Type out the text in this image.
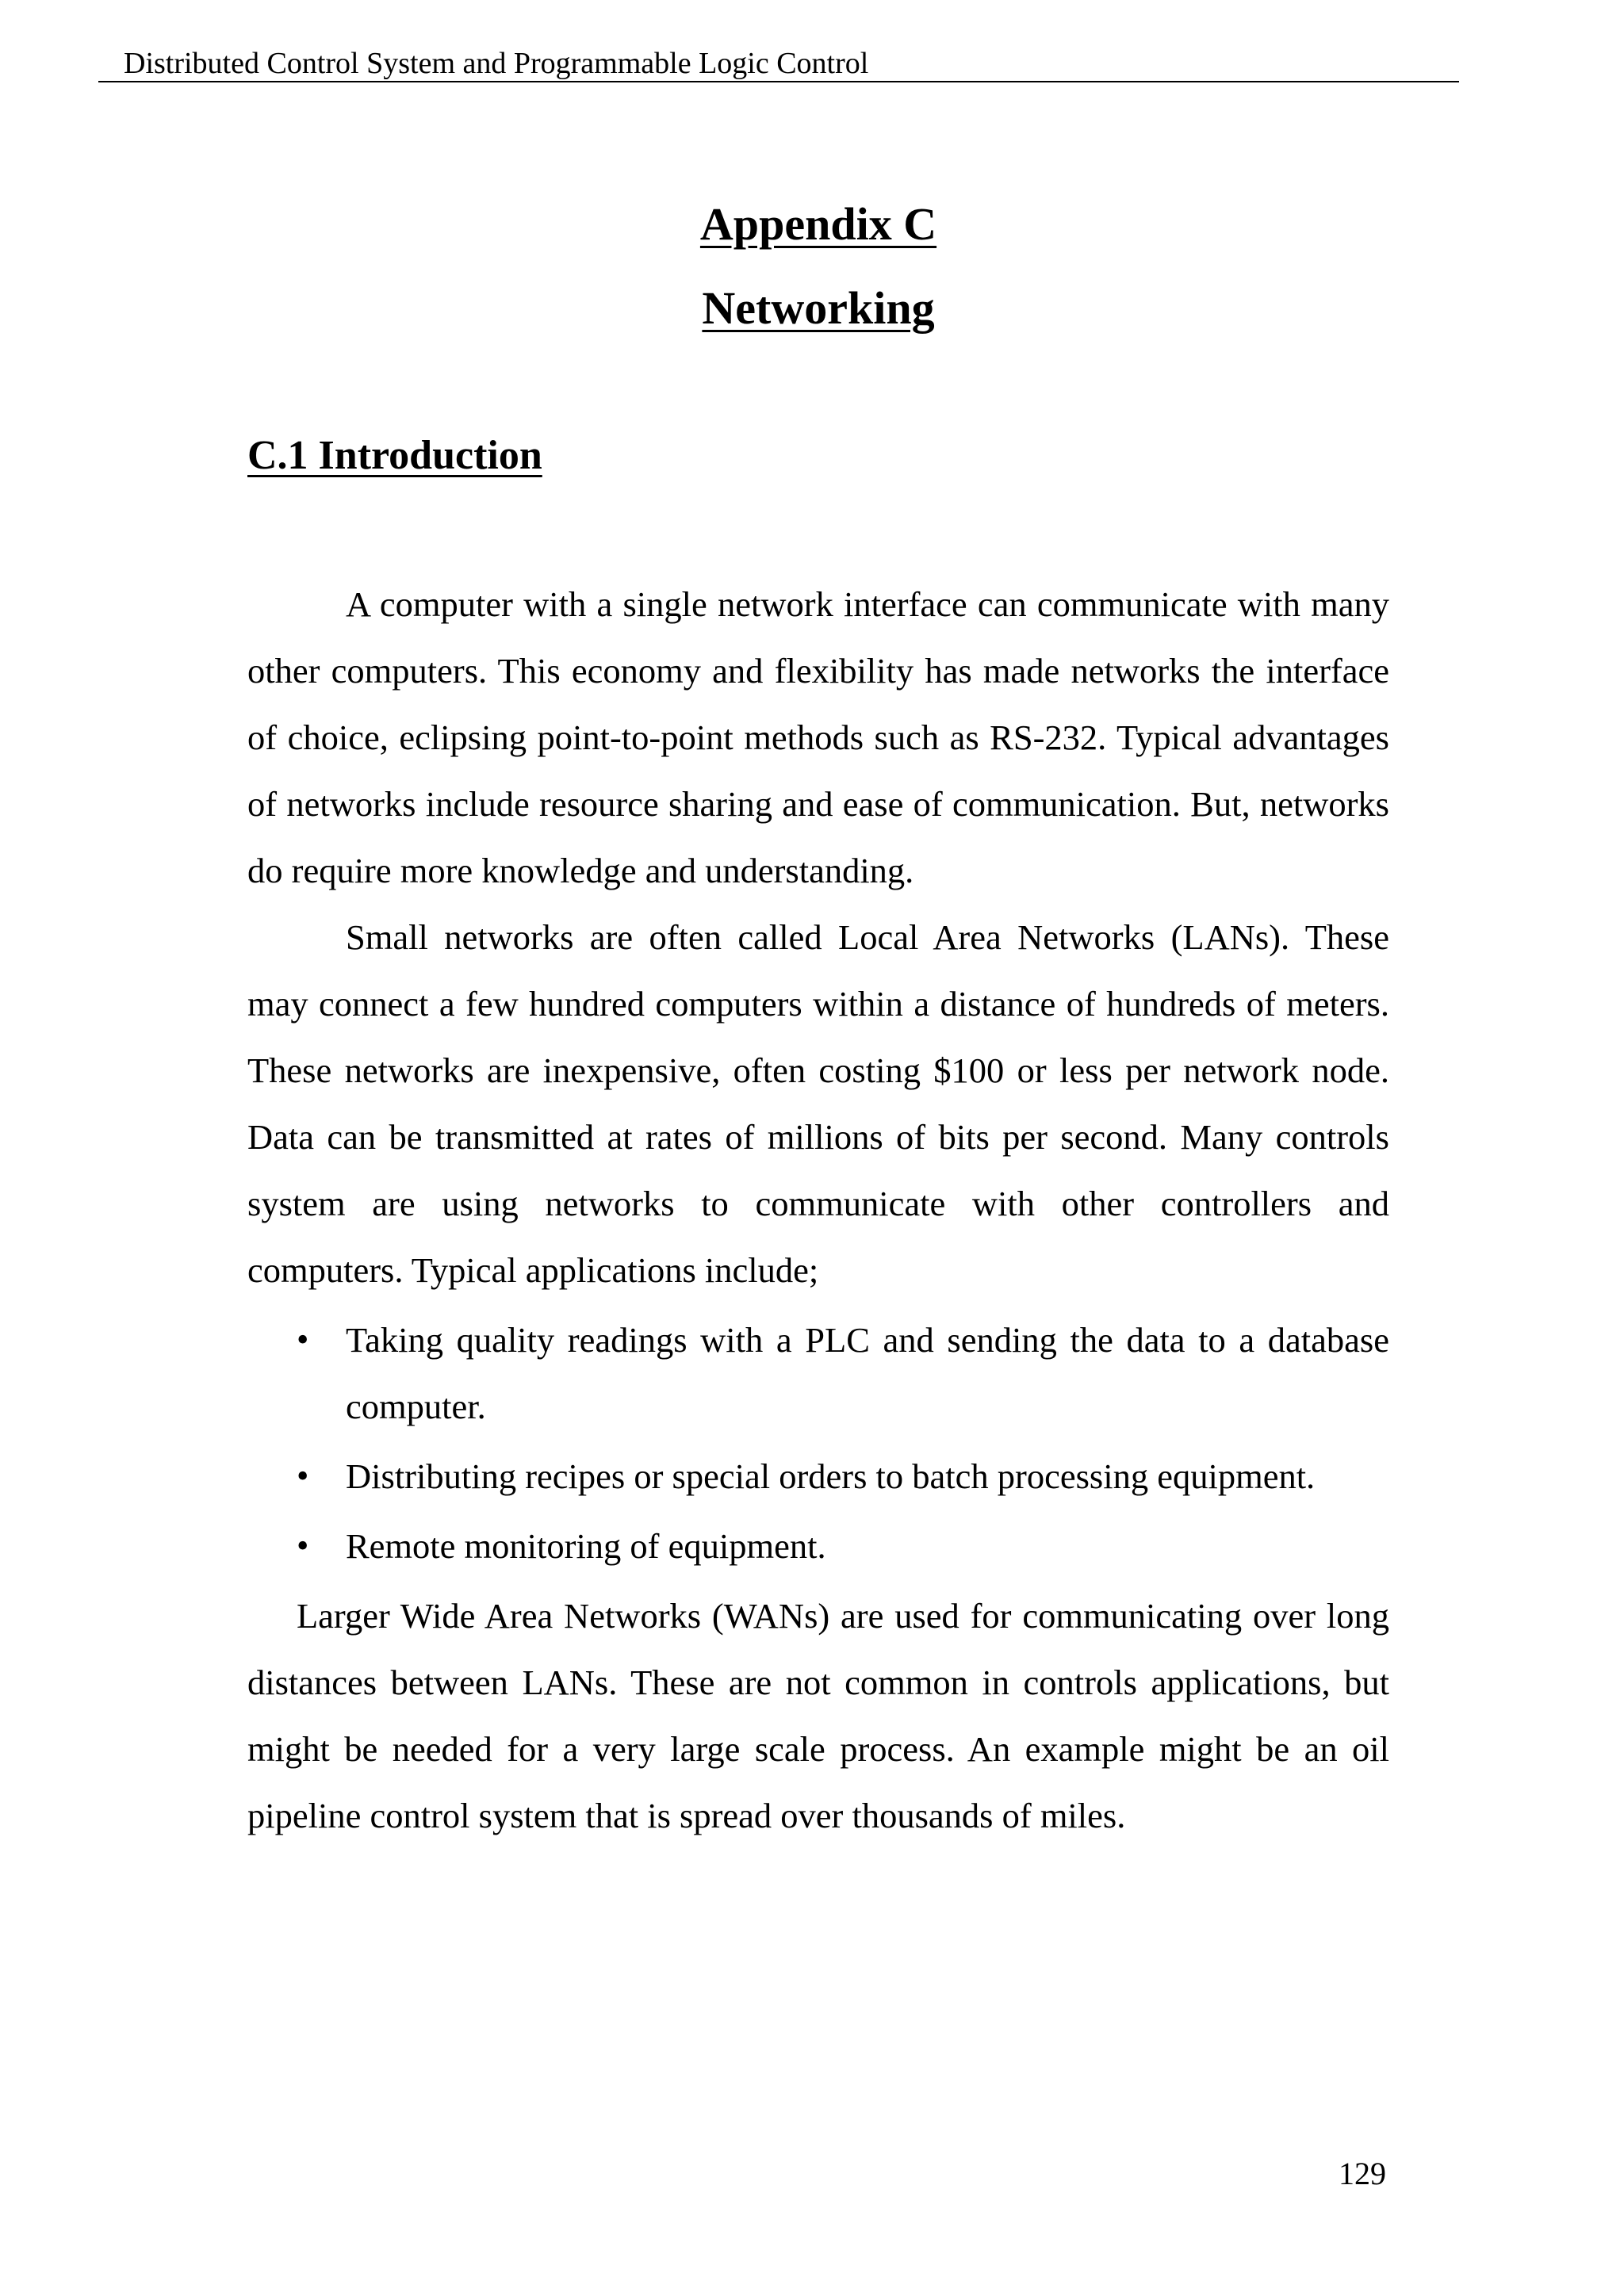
Distributed Control System and Programmable Logic Control
Appendix C
Networking
C.1 Introduction

A computer with a single network interface can communicate with many other computers. This economy and flexibility has made networks the interface of choice, eclipsing point-to-point methods such as RS-232. Typical advantages of networks include resource sharing and ease of communication. But, networks do require more knowledge and understanding.

Small networks are often called Local Area Networks (LANs). These may connect a few hundred computers within a distance of hundreds of meters. These networks are inexpensive, often costing $100 or less per network node. Data can be transmitted at rates of millions of bits per second. Many controls system are using networks to communicate with other controllers and computers. Typical applications include;

•	Taking quality readings with a PLC and sending the data to a database computer.
•	Distributing recipes or special orders to batch processing equipment.
•	Remote monitoring of equipment.

Larger Wide Area Networks (WANs) are used for communicating over long distances between LANs. These are not common in controls applications, but might be needed for a very large scale process. An example might be an oil pipeline control system that is spread over thousands of miles.

129
